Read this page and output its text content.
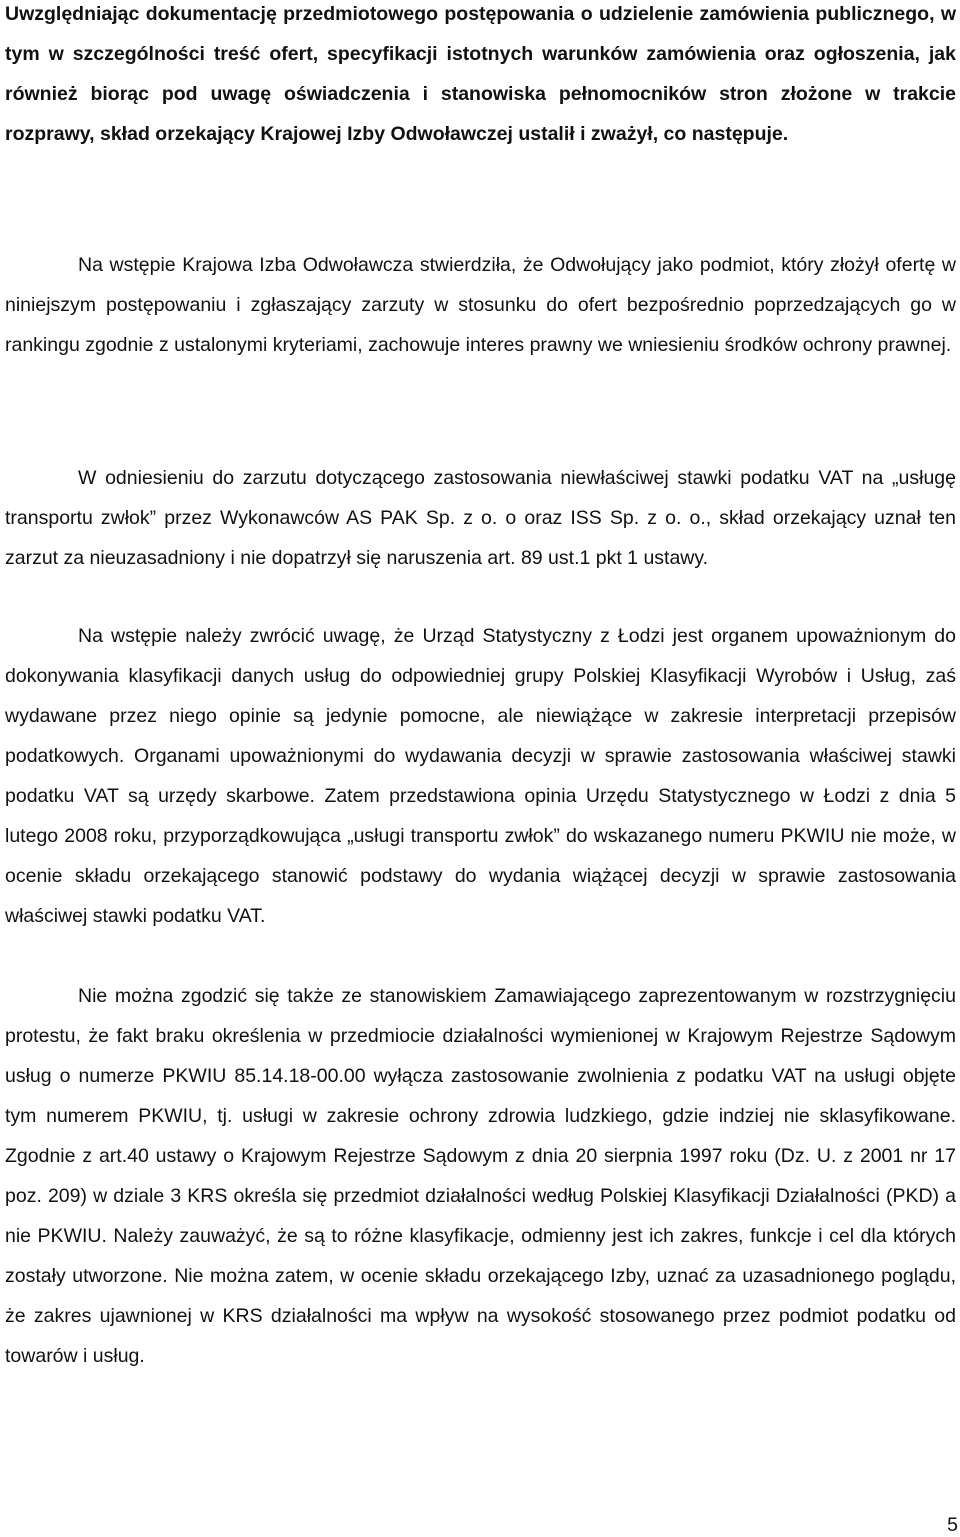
Uwzględniając dokumentację przedmiotowego postępowania o udzielenie zamówienia publicznego, w tym w szczególności treść ofert, specyfikacji istotnych warunków zamówienia oraz ogłoszenia, jak również biorąc pod uwagę oświadczenia i stanowiska pełnomocników stron złożone w trakcie rozprawy, skład orzekający Krajowej Izby Odwoławczej ustalił i zważył, co następuje.

Na wstępie Krajowa Izba Odwoławcza stwierdziła, że Odwołujący jako podmiot, który złożył ofertę w niniejszym postępowaniu i zgłaszający zarzuty w stosunku do ofert bezpośrednio poprzedzających go w rankingu zgodnie z ustalonymi kryteriami, zachowuje interes prawny we wniesieniu środków ochrony prawnej.

W odniesieniu do zarzutu dotyczącego zastosowania niewłaściwej stawki podatku VAT na „usługę transportu zwłok” przez Wykonawców AS PAK Sp. z o. o oraz ISS Sp. z o. o., skład orzekający uznał ten zarzut za nieuzasadniony i nie dopatrzył się naruszenia art. 89 ust.1 pkt 1 ustawy.

Na wstępie należy zwrócić uwagę, że Urząd Statystyczny z Łodzi jest organem upoważnionym do dokonywania klasyfikacji danych usług do odpowiedniej grupy Polskiej Klasyfikacji Wyrobów i Usług, zaś wydawane przez niego opinie są jedynie pomocne, ale niewiążące w zakresie interpretacji przepisów podatkowych. Organami upoważnionymi do wydawania decyzji w sprawie zastosowania właściwej stawki podatku VAT są urzędy skarbowe. Zatem przedstawiona opinia Urzędu Statystycznego w Łodzi z dnia 5 lutego 2008 roku, przyporządkowująca „usługi transportu zwłok” do wskazanego numeru PKWIU nie może, w ocenie składu orzekającego stanowić podstawy do wydania wiążącej decyzji w sprawie zastosowania właściwej stawki podatku VAT.

Nie można zgodzić się także ze stanowiskiem Zamawiającego zaprezentowanym w rozstrzygnięciu protestu, że fakt braku określenia w przedmiocie działalności wymienionej w Krajowym Rejestrze Sądowym usług o numerze PKWIU 85.14.18-00.00 wyłącza zastosowanie zwolnienia z podatku VAT na usługi objęte tym numerem PKWIU, tj. usługi w zakresie ochrony zdrowia ludzkiego, gdzie indziej nie sklasyfikowane. Zgodnie z art.40 ustawy o Krajowym Rejestrze Sądowym z dnia 20 sierpnia 1997 roku (Dz. U. z 2001 nr 17 poz. 209) w dziale 3 KRS określa się przedmiot działalności według Polskiej Klasyfikacji Działalności (PKD) a nie PKWIU. Należy zauważyć, że są to różne klasyfikacje, odmienny jest ich zakres, funkcje i cel dla których zostały utworzone. Nie można zatem, w ocenie składu orzekającego Izby, uznać za uzasadnionego poglądu, że zakres ujawnionej w KRS działalności ma wpływ na wysokość stosowanego przez podmiot podatku od towarów i usług.

5
